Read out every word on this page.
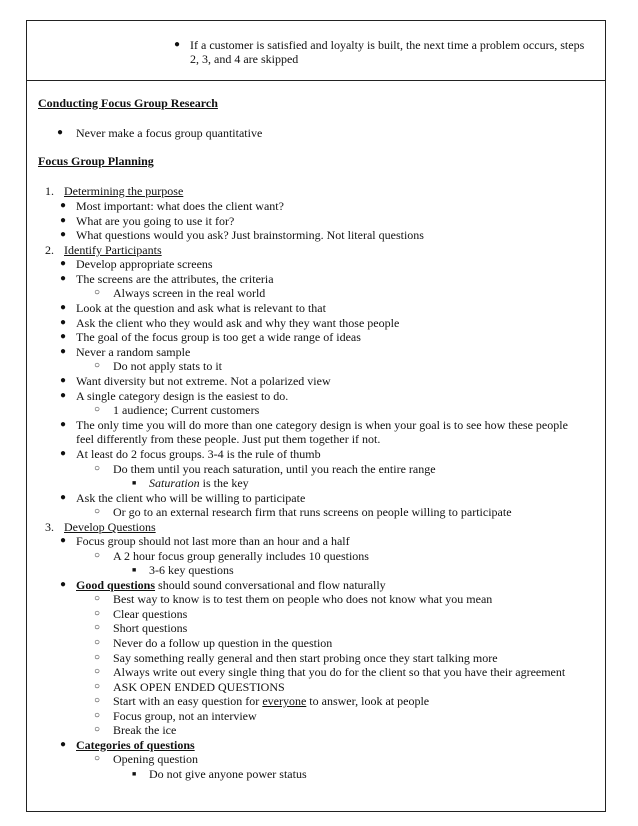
● If a customer is satisfied and loyalty is built, the next time a problem occurs, steps
2, 3, and 4 are skipped
Conducting Focus Group Research
● Never make a focus group quantitative
Focus Group Planning
1. Determining the purpose
● Most important: what does the client want?
● What are you going to use it for?
● What questions would you ask? Just brainstorming. Not literal questions
2. Identify Participants
● Develop appropriate screens
● The screens are the attributes, the criteria
○ Always screen in the real world
● Look at the question and ask what is relevant to that
● Ask the client who they would ask and why they want those people
● The goal of the focus group is too get a wide range of ideas
● Never a random sample
○ Do not apply stats to it
● Want diversity but not extreme. Not a polarized view
● A single category design is the easiest to do.
○ 1 audience; Current customers
● The only time you will do more than one category design is when your goal is to see how these people
feel differently from these people. Just put them together if not.
● At least do 2 focus groups. 3-4 is the rule of thumb
○ Do them until you reach saturation, until you reach the entire range
■ Saturation is the key
● Ask the client who will be willing to participate
○ Or go to an external research firm that runs screens on people willing to participate
3. Develop Questions
● Focus group should not last more than an hour and a half
○ A 2 hour focus group generally includes 10 questions
■ 3-6 key questions
● Good questions should sound conversational and flow naturally
○ Best way to know is to test them on people who does not know what you mean
○ Clear questions
○ Short questions
○ Never do a follow up question in the question
○ Say something really general and then start probing once they start talking more
○ Always write out every single thing that you do for the client so that you have their agreement
○ ASK OPEN ENDED QUESTIONS
○ Start with an easy question for everyone to answer, look at people
○ Focus group, not an interview
○ Break the ice
● Categories of questions
○ Opening question
■ Do not give anyone power status
